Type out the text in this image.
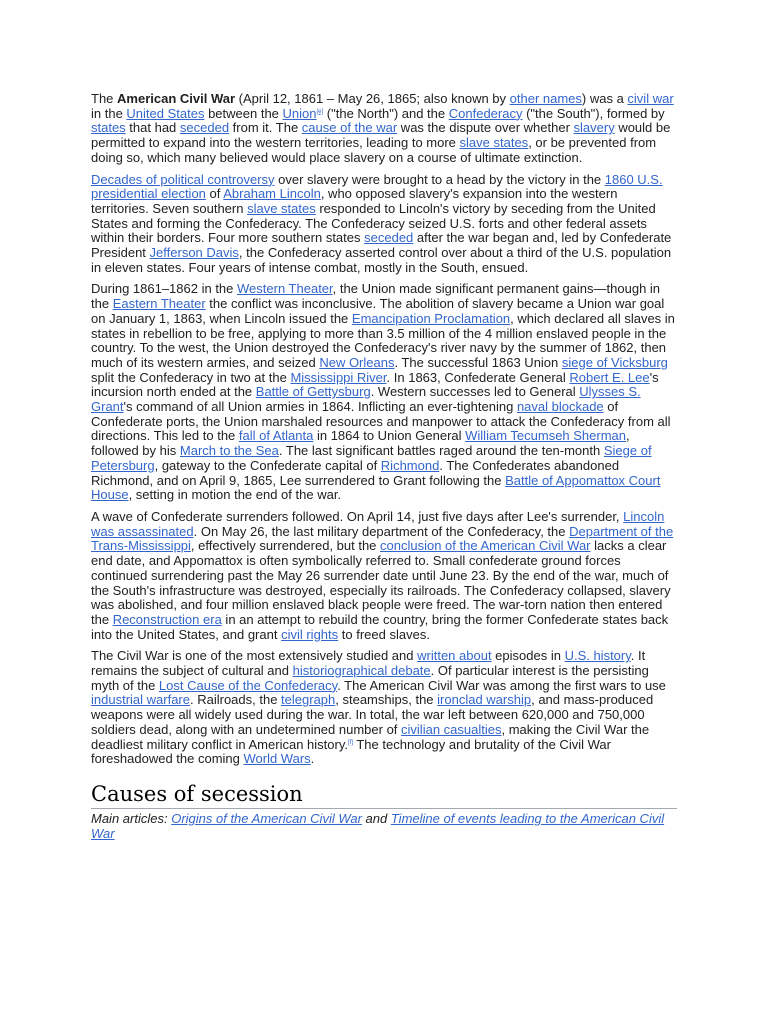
The American Civil War (April 12, 1861 – May 26, 1865; also known by other names) was a civil war in the United States between the Union[e] ("the North") and the Confederacy ("the South"), formed by states that had seceded from it. The cause of the war was the dispute over whether slavery would be permitted to expand into the western territories, leading to more slave states, or be prevented from doing so, which many believed would place slavery on a course of ultimate extinction.

Decades of political controversy over slavery were brought to a head by the victory in the 1860 U.S. presidential election of Abraham Lincoln, who opposed slavery's expansion into the western territories. Seven southern slave states responded to Lincoln's victory by seceding from the United States and forming the Confederacy. The Confederacy seized U.S. forts and other federal assets within their borders. Four more southern states seceded after the war began and, led by Confederate President Jefferson Davis, the Confederacy asserted control over about a third of the U.S. population in eleven states. Four years of intense combat, mostly in the South, ensued.

During 1861–1862 in the Western Theater, the Union made significant permanent gains—though in the Eastern Theater the conflict was inconclusive. The abolition of slavery became a Union war goal on January 1, 1863, when Lincoln issued the Emancipation Proclamation, which declared all slaves in states in rebellion to be free, applying to more than 3.5 million of the 4 million enslaved people in the country. To the west, the Union destroyed the Confederacy's river navy by the summer of 1862, then much of its western armies, and seized New Orleans. The successful 1863 Union siege of Vicksburg split the Confederacy in two at the Mississippi River. In 1863, Confederate General Robert E. Lee's incursion north ended at the Battle of Gettysburg. Western successes led to General Ulysses S. Grant's command of all Union armies in 1864. Inflicting an ever-tightening naval blockade of Confederate ports, the Union marshaled resources and manpower to attack the Confederacy from all directions. This led to the fall of Atlanta in 1864 to Union General William Tecumseh Sherman, followed by his March to the Sea. The last significant battles raged around the ten-month Siege of Petersburg, gateway to the Confederate capital of Richmond. The Confederates abandoned Richmond, and on April 9, 1865, Lee surrendered to Grant following the Battle of Appomattox Court House, setting in motion the end of the war.

A wave of Confederate surrenders followed. On April 14, just five days after Lee's surrender, Lincoln was assassinated. On May 26, the last military department of the Confederacy, the Department of the Trans-Mississippi, effectively surrendered, but the conclusion of the American Civil War lacks a clear end date, and Appomattox is often symbolically referred to. Small confederate ground forces continued surrendering past the May 26 surrender date until June 23. By the end of the war, much of the South's infrastructure was destroyed, especially its railroads. The Confederacy collapsed, slavery was abolished, and four million enslaved black people were freed. The war-torn nation then entered the Reconstruction era in an attempt to rebuild the country, bring the former Confederate states back into the United States, and grant civil rights to freed slaves.

The Civil War is one of the most extensively studied and written about episodes in U.S. history. It remains the subject of cultural and historiographical debate. Of particular interest is the persisting myth of the Lost Cause of the Confederacy. The American Civil War was among the first wars to use industrial warfare. Railroads, the telegraph, steamships, the ironclad warship, and mass-produced weapons were all widely used during the war. In total, the war left between 620,000 and 750,000 soldiers dead, along with an undetermined number of civilian casualties, making the Civil War the deadliest military conflict in American history.[f] The technology and brutality of the Civil War foreshadowed the coming World Wars.

Causes of secession

Main articles: Origins of the American Civil War and Timeline of events leading to the American Civil War
